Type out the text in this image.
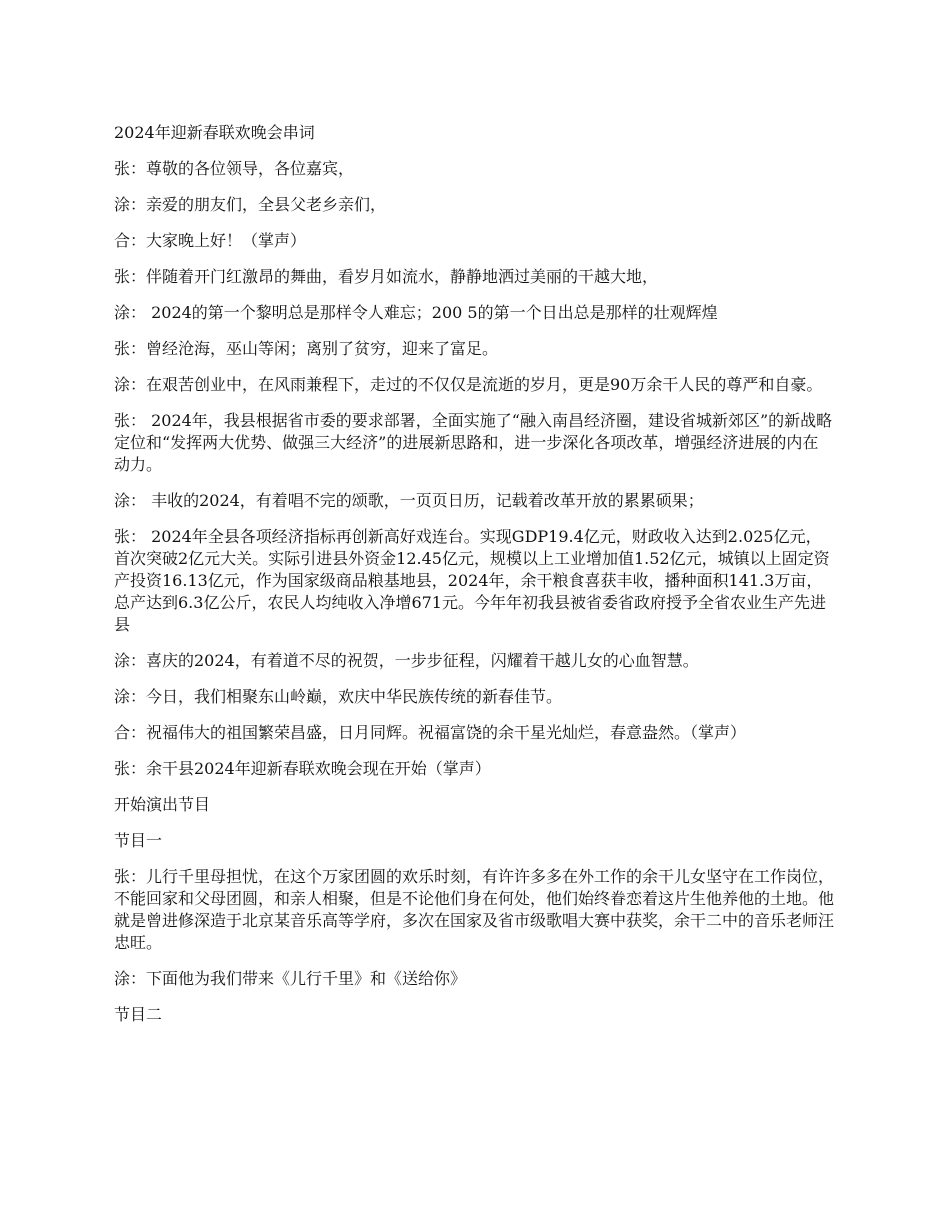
2024年迎新春联欢晚会串词

张：尊敬的各位领导，各位嘉宾，

涂：亲爱的朋友们，全县父老乡亲们，

合：大家晚上好！（掌声）

张：伴随着开门红激昂的舞曲，看岁月如流水，静静地洒过美丽的干越大地，

涂： 2024的第一个黎明总是那样令人难忘；200 5的第一个日出总是那样的壮观辉煌

张：曾经沧海，巫山等闲；离别了贫穷，迎来了富足。

涂：在艰苦创业中，在风雨兼程下，走过的不仅仅是流逝的岁月，更是90万余干人民的尊严和自豪。

张： 2024年，我县根据省市委的要求部署，全面实施了“融入南昌经济圈，建设省城新郊区”的新战略定位和“发挥两大优势、做强三大经济”的进展新思路和，进一步深化各项改革，增强经济进展的内在动力。

涂： 丰收的2024，有着唱不完的颂歌，一页页日历，记载着改革开放的累累硕果；

张： 2024年全县各项经济指标再创新高好戏连台。实现GDP19.4亿元，财政收入达到2.025亿元，首次突破2亿元大关。实际引进县外资金12.45亿元，规模以上工业增加值1.52亿元，城镇以上固定资产投资16.13亿元，作为国家级商品粮基地县，2024年，余干粮食喜获丰收，播种面积141.3万亩，总产达到6.3亿公斤，农民人均纯收入净增671元。今年年初我县被省委省政府授予全省农业生产先进县

涂：喜庆的2024，有着道不尽的祝贺，一步步征程，闪耀着干越儿女的心血智慧。

涂：今日，我们相聚东山岭巅，欢庆中华民族传统的新春佳节。

合：祝福伟大的祖国繁荣昌盛，日月同辉。祝福富饶的余干星光灿烂，春意盎然。（掌声）

张：余干县2024年迎新春联欢晚会现在开始（掌声）

开始演出节目

节目一

张：儿行千里母担忧，在这个万家团圆的欢乐时刻，有许许多多在外工作的余干儿女坚守在工作岗位，不能回家和父母团圆，和亲人相聚，但是不论他们身在何处，他们始终眷恋着这片生他养他的土地。他就是曾进修深造于北京某音乐高等学府，多次在国家及省市级歌唱大赛中获奖，余干二中的音乐老师汪忠旺。

涂：下面他为我们带来《儿行千里》和《送给你》

节目二
